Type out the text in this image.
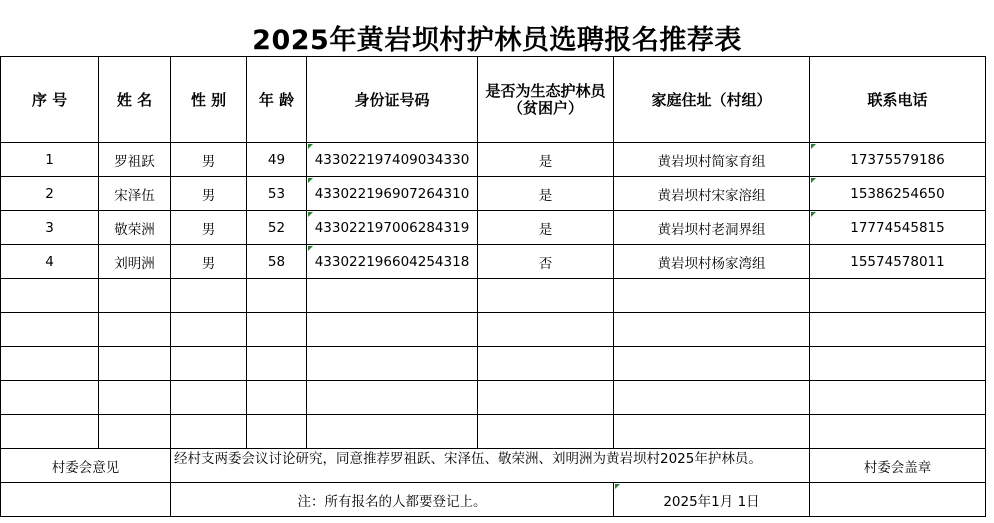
2025年黄岩坝村护林员选聘报名推荐表
序 号	姓 名	性 别	年 龄	身份证号码	是否为生态护林员（贫困户）	家庭住址（村组）	联系电话
1	罗祖跃	男	49	433022197409034330	是	黄岩坝村简家育组	17375579186
2	宋泽伍	男	53	433022196907264310	是	黄岩坝村宋家溶组	15386254650
3	敬荣洲	男	52	433022197006284319	是	黄岩坝村老洞界组	17774545815
4	刘明洲	男	58	433022196604254318	否	黄岩坝村杨家湾组	15574578011

村委会意见		经村支两委会议讨论研究，同意推荐罗祖跃、宋泽伍、敬荣洲、刘明洲为黄岩坝村2025年护林员。					村委会盖章
		注：所有报名的人都要登记上。				2025年1月 1日	
